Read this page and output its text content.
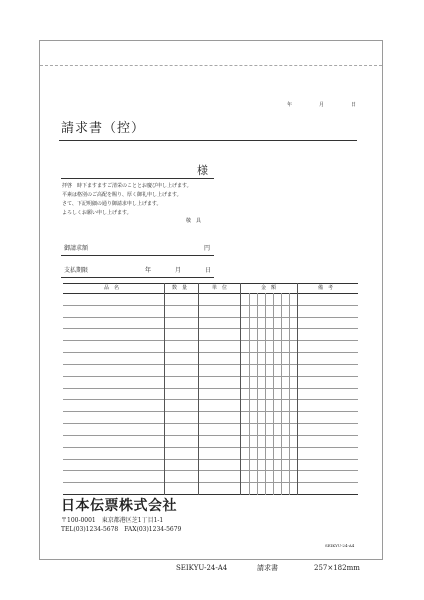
年	月	日
請求書（控）
様
拝啓　時下ますますご清栄のこととお慶び申し上げます。
平素は格別のご高配を賜り、厚く御礼申し上げます。
さて、下記明細の通り御請求申し上げます。
よろしくお願い申し上げます。
敬　具
御請求額	円
支払期限	年	月	日
品　名	数　量	単　位	金　額	備　考
日本伝票株式会社
〒100-0001　東京都港区芝1丁目1-1
TEL(03)1234-5678　FAX(03)1234-5679
SEIKYU-24-A4
SEIKYU-24-A4	請求書	257×182mm
